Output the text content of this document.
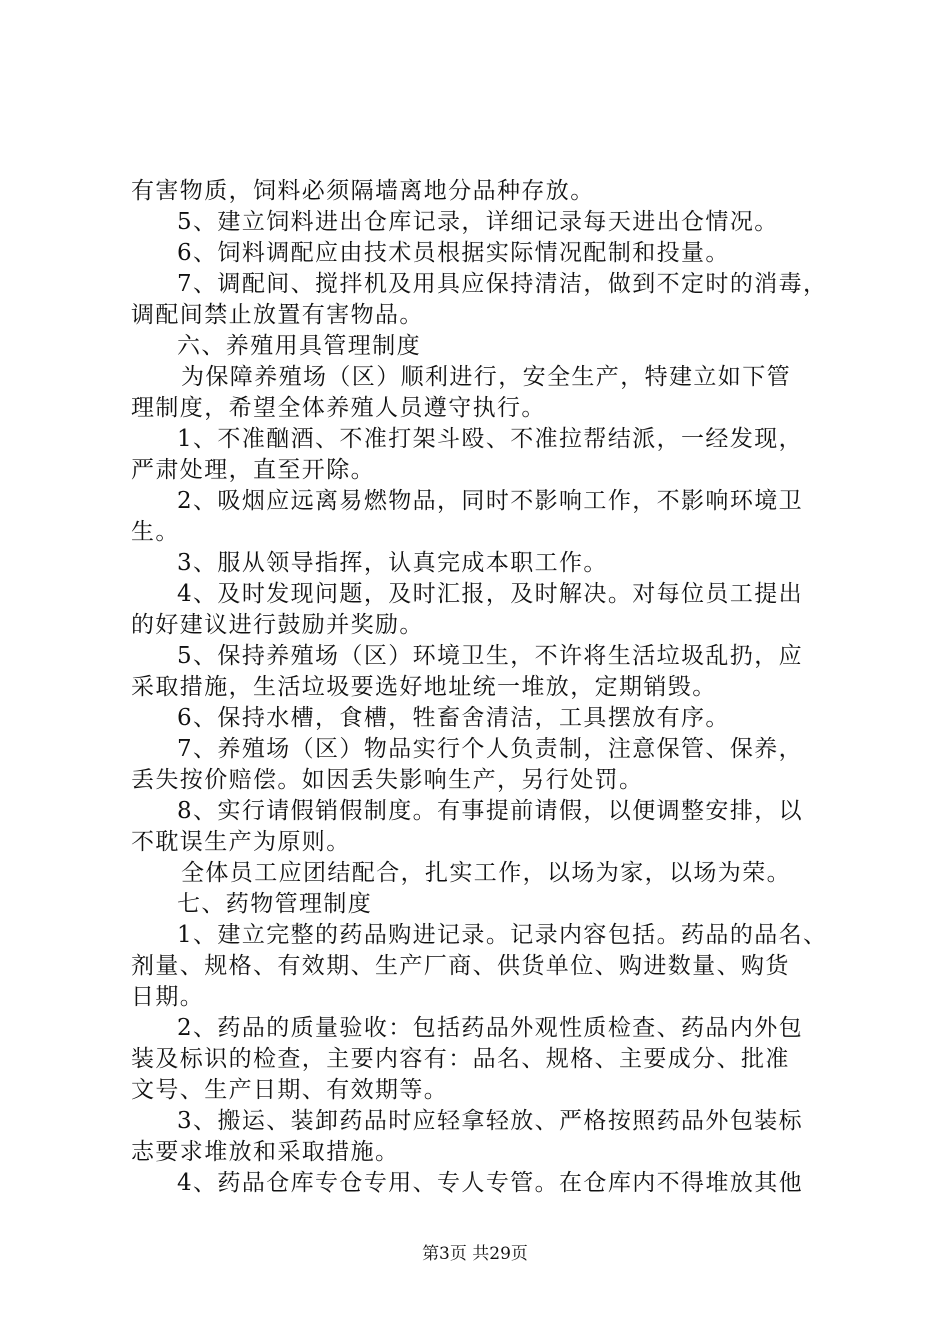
有害物质，饲料必须隔墙离地分品种存放。
5、建立饲料进出仓库记录，详细记录每天进出仓情况。
6、饲料调配应由技术员根据实际情况配制和投量。
7、调配间、搅拌机及用具应保持清洁，做到不定时的消毒，
调配间禁止放置有害物品。
六、养殖用具管理制度
为保障养殖场（区）顺利进行，安全生产，特建立如下管
理制度，希望全体养殖人员遵守执行。
1、不准酗酒、不准打架斗殴、不准拉帮结派，一经发现，
严肃处理，直至开除。
2、吸烟应远离易燃物品，同时不影响工作，不影响环境卫
生。
3、服从领导指挥，认真完成本职工作。
4、及时发现问题，及时汇报，及时解决。对每位员工提出
的好建议进行鼓励并奖励。
5、保持养殖场（区）环境卫生，不许将生活垃圾乱扔，应
采取措施，生活垃圾要选好地址统一堆放，定期销毁。
6、保持水槽，食槽，牲畜舍清洁，工具摆放有序。
7、养殖场（区）物品实行个人负责制，注意保管、保养，
丢失按价赔偿。如因丢失影响生产，另行处罚。
8、实行请假销假制度。有事提前请假，以便调整安排，以
不耽误生产为原则。
全体员工应团结配合，扎实工作，以场为家，以场为荣。
七、药物管理制度
1、建立完整的药品购进记录。记录内容包括。药品的品名、
剂量、规格、有效期、生产厂商、供货单位、购进数量、购货
日期。
2、药品的质量验收：包括药品外观性质检查、药品内外包
装及标识的检查，主要内容有：品名、规格、主要成分、批准
文号、生产日期、有效期等。
3、搬运、装卸药品时应轻拿轻放、严格按照药品外包装标
志要求堆放和采取措施。
4、药品仓库专仓专用、专人专管。在仓库内不得堆放其他
第3页 共29页
